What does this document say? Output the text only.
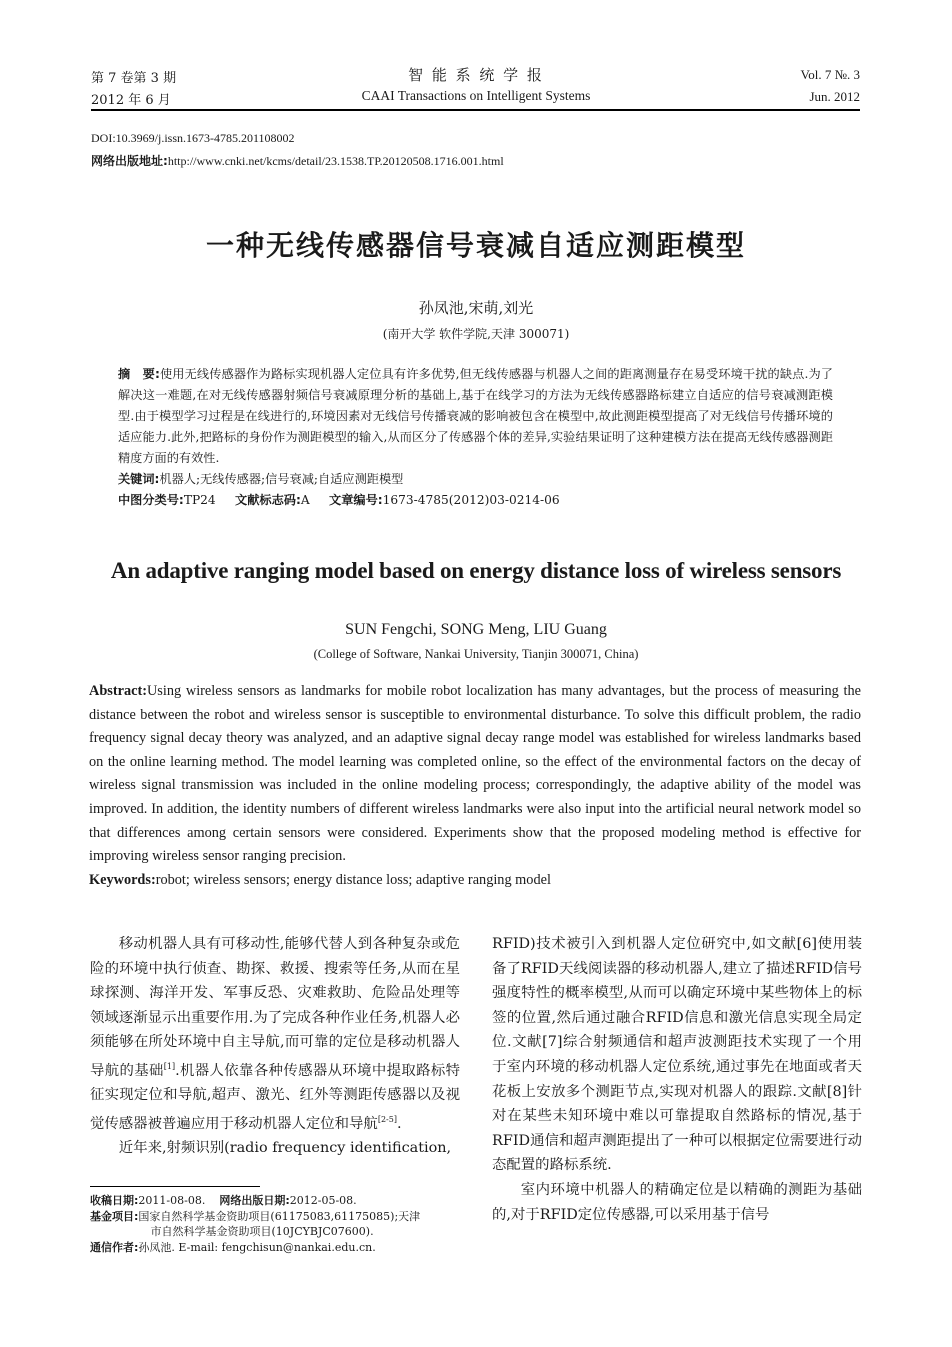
第 7 卷第 3 期
2012 年 6 月
智 能 系 统 学 报
CAAI Transactions on Intelligent Systems
Vol. 7 №. 3
Jun. 2012
DOI:10.3969/j.issn.1673-4785.201108002
网络出版地址:http://www.cnki.net/kcms/detail/23.1538.TP.20120508.1716.001.html
一种无线传感器信号衰减自适应测距模型
孙凤池,宋萌,刘光
(南开大学 软件学院,天津 300071)
摘　要:使用无线传感器作为路标实现机器人定位具有许多优势,但无线传感器与机器人之间的距离测量存在易受环境干扰的缺点.为了解决这一难题,在对无线传感器射频信号衰减原理分析的基础上,基于在线学习的方法为无线传感器路标建立自适应的信号衰减测距模型.由于模型学习过程是在线进行的,环境因素对无线信号传播衰减的影响被包含在模型中,故此测距模型提高了对无线信号传播环境的适应能力.此外,把路标的身份作为测距模型的输入,从而区分了传感器个体的差异,实验结果证明了这种建模方法在提高无线传感器测距精度方面的有效性.
关键词:机器人;无线传感器;信号衰减;自适应测距模型
中图分类号:TP24 文献标志码:A 文章编号:1673-4785(2012)03-0214-06
An adaptive ranging model based on energy distance loss of wireless sensors
SUN Fengchi, SONG Meng, LIU Guang
(College of Software, Nankai University, Tianjin 300071, China)
Abstract:Using wireless sensors as landmarks for mobile robot localization has many advantages, but the process of measuring the distance between the robot and wireless sensor is susceptible to environmental disturbance. To solve this difficult problem, the radio frequency signal decay theory was analyzed, and an adaptive signal decay range model was established for wireless landmarks based on the online learning method. The model learning was completed online, so the effect of the environmental factors on the decay of wireless signal transmission was included in the online modeling process; correspondingly, the adaptive ability of the model was improved. In addition, the identity numbers of different wireless landmarks were also input into the artificial neural network model so that differences among certain sensors were considered. Experiments show that the proposed modeling method is effective for improving wireless sensor ranging precision.
Keywords:robot; wireless sensors; energy distance loss; adaptive ranging model

移动机器人具有可移动性,能够代替人到各种复杂或危险的环境中执行侦查、勘探、救援、搜索等任务,从而在星球探测、海洋开发、军事反恐、灾难救助、危险品处理等领域逐渐显示出重要作用.为了完成各种作业任务,机器人必须能够在所处环境中自主导航,而可靠的定位是移动机器人导航的基础[1].机器人依靠各种传感器从环境中提取路标特征实现定位和导航,超声、激光、红外等测距传感器以及视觉传感器被普遍应用于移动机器人定位和导航[2-5].

近年来,射频识别(radio frequency identification,

收稿日期:2011-08-08. 网络出版日期:2012-05-08.
基金项目:国家自然科学基金资助项目(61175083,61175085);天津
市自然科学基金资助项目(10JCYBJC07600).
通信作者:孙凤池. E-mail: fengchisun@nankai.edu.cn.

RFID)技术被引入到机器人定位研究中,如文献[6]使用装备了RFID天线阅读器的移动机器人,建立了描述RFID信号强度特性的概率模型,从而可以确定环境中某些物体上的标签的位置,然后通过融合RFID信息和激光信息实现全局定位.文献[7]综合射频通信和超声波测距技术实现了一个用于室内环境的移动机器人定位系统,通过事先在地面或者天花板上安放多个测距节点,实现对机器人的跟踪.文献[8]针对在某些未知环境中难以可靠提取自然路标的情况,基于RFID通信和超声测距提出了一种可以根据定位需要进行动态配置的路标系统.

室内环境中机器人的精确定位是以精确的测距为基础的,对于RFID定位传感器,可以采用基于信号
